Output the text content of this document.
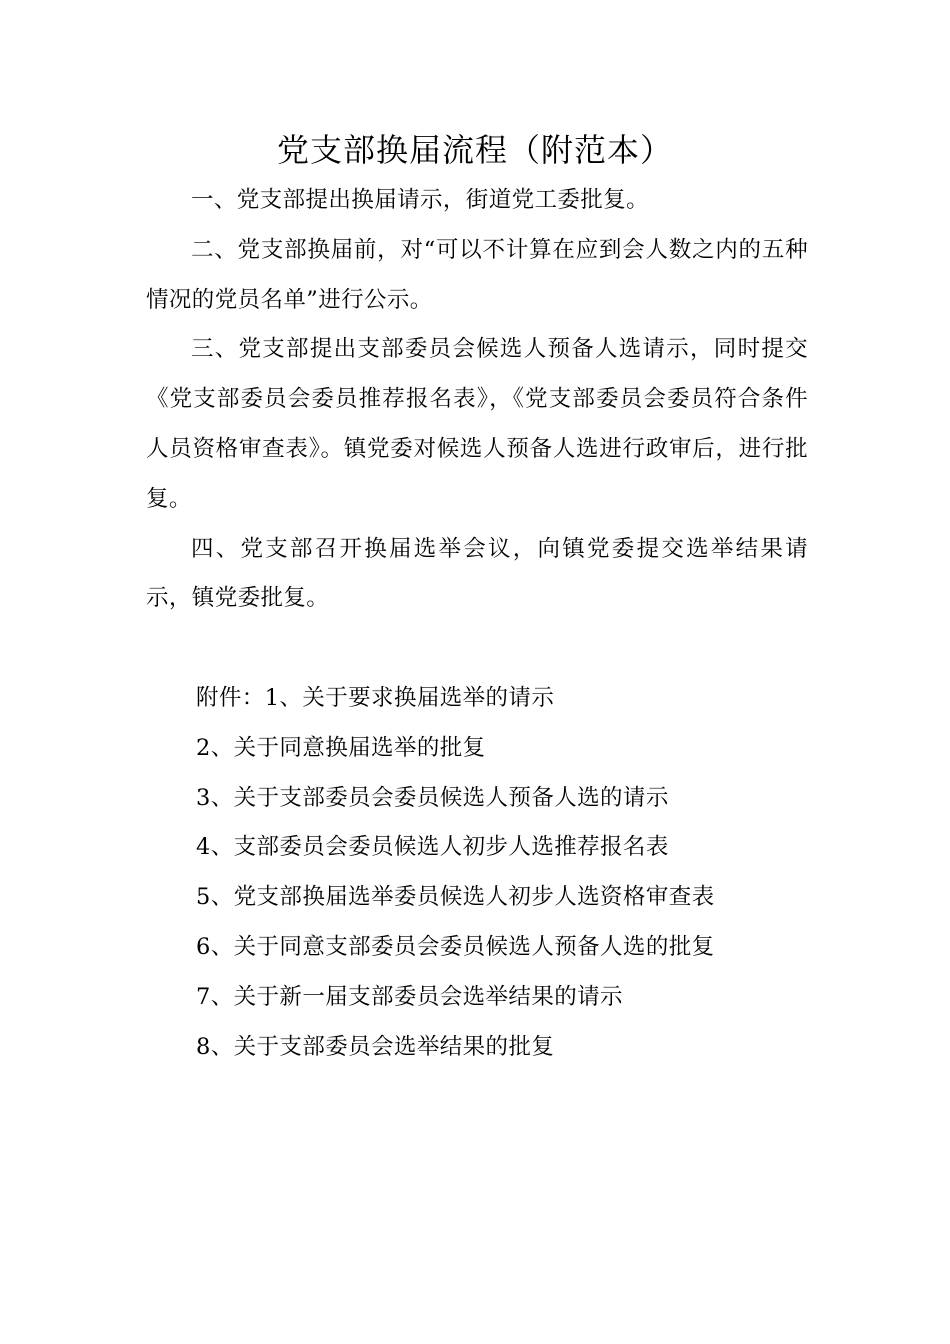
党支部换届流程（附范本）

一、党支部提出换届请示，街道党工委批复。

二、党支部换届前，对“可以不计算在应到会人数之内的五种情况的党员名单”进行公示。

三、党支部提出支部委员会候选人预备人选请示，同时提交《党支部委员会委员推荐报名表》，《党支部委员会委员符合条件人员资格审查表》。镇党委对候选人预备人选进行政审后，进行批复。

四、党支部召开换届选举会议，向镇党委提交选举结果请示，镇党委批复。

附件：1、关于要求换届选举的请示

2、关于同意换届选举的批复

3、关于支部委员会委员候选人预备人选的请示

4、支部委员会委员候选人初步人选推荐报名表

5、党支部换届选举委员候选人初步人选资格审查表

6、关于同意支部委员会委员候选人预备人选的批复

7、关于新一届支部委员会选举结果的请示

8、关于支部委员会选举结果的批复
